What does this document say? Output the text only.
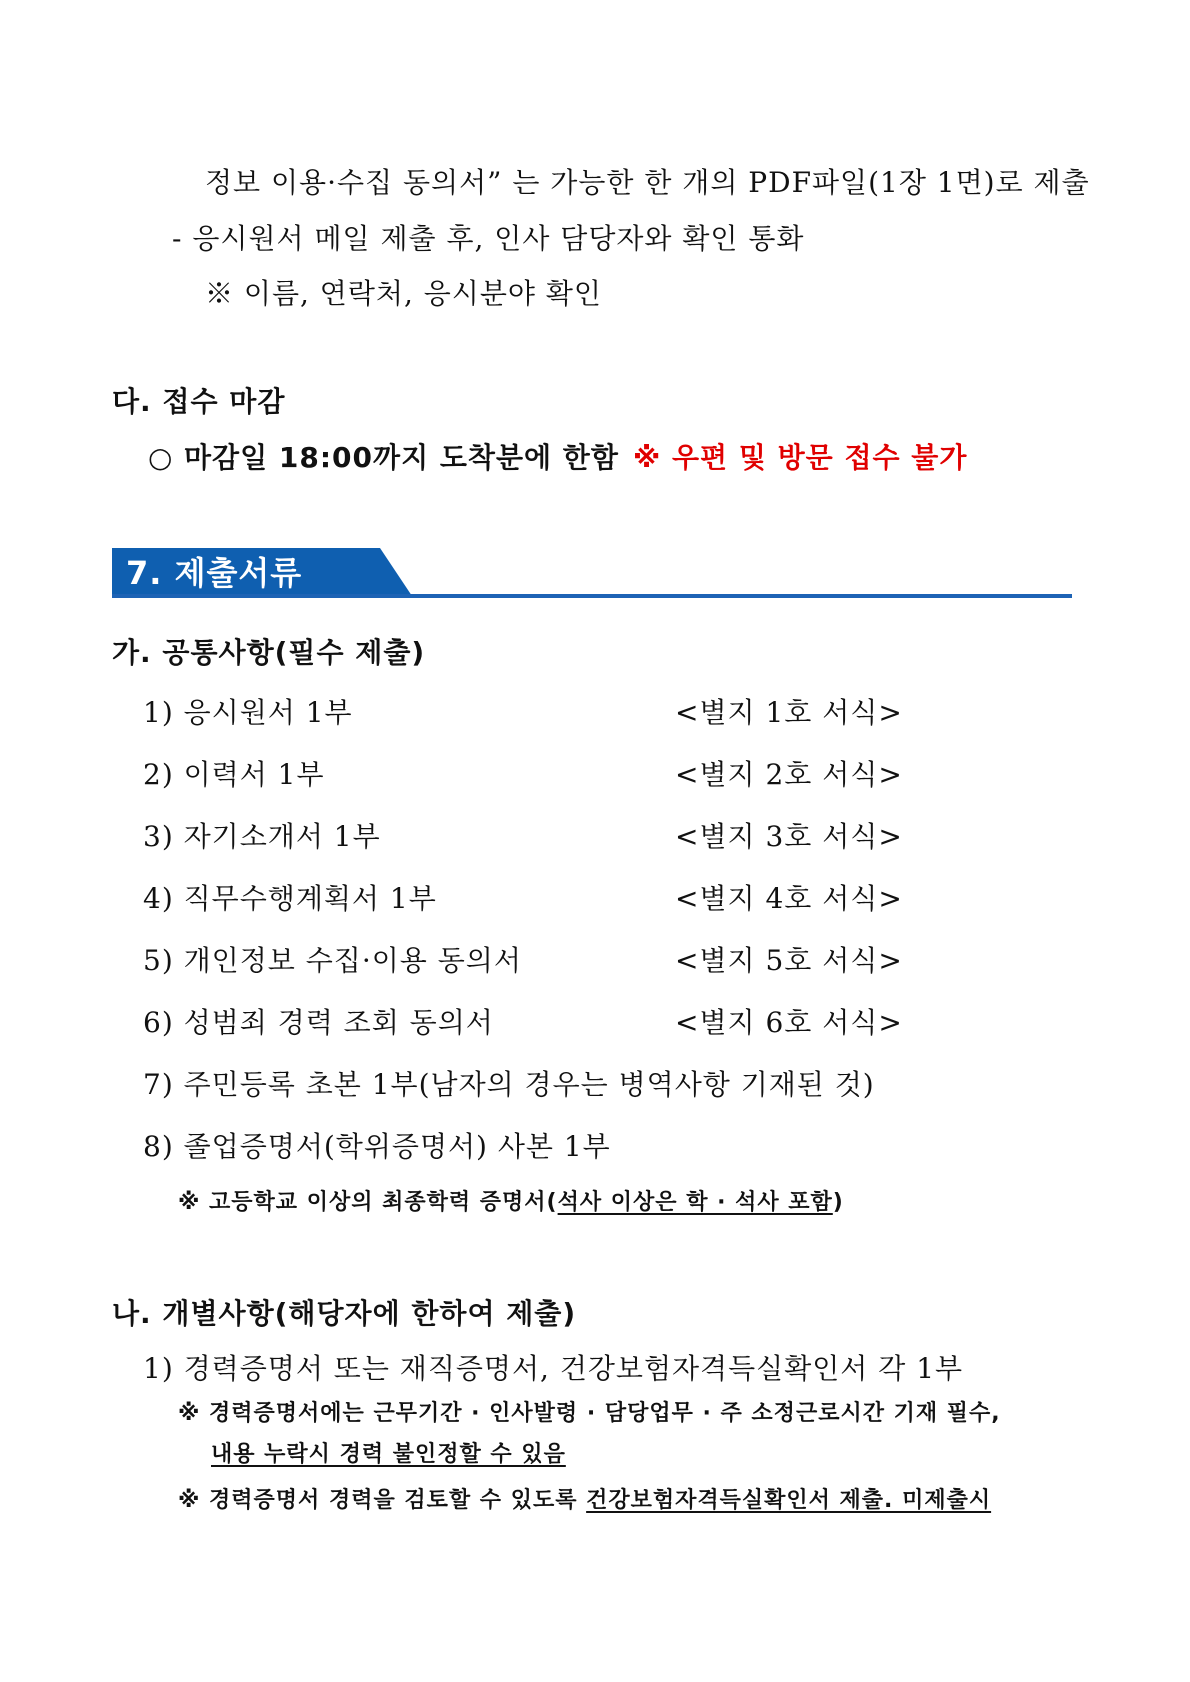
정보 이용·수집 동의서” 는 가능한 한 개의 PDF파일(1장 1면)로 제출
- 응시원서 메일 제출 후, 인사 담당자와 확인 통화
※ 이름, 연락처, 응시분야 확인
다. 접수 마감
○ 마감일 18:00까지 도착분에 한함 ※ 우편 및 방문 접수 불가
7. 제출서류
가. 공통사항(필수 제출)
1) 응시원서 1부	<별지 1호 서식>
2) 이력서 1부	<별지 2호 서식>
3) 자기소개서 1부	<별지 3호 서식>
4) 직무수행계획서 1부	<별지 4호 서식>
5) 개인정보 수집·이용 동의서	<별지 5호 서식>
6) 성범죄 경력 조회 동의서	<별지 6호 서식>
7) 주민등록 초본 1부(남자의 경우는 병역사항 기재된 것)
8) 졸업증명서(학위증명서) 사본 1부
※ 고등학교 이상의 최종학력 증명서(석사 이상은 학 · 석사 포함)
나. 개별사항(해당자에 한하여 제출)
1) 경력증명서 또는 재직증명서, 건강보험자격득실확인서 각 1부
※ 경력증명서에는 근무기간 · 인사발령 · 담당업무 · 주 소정근로시간 기재 필수,
내용 누락시 경력 불인정할 수 있음
※ 경력증명서 경력을 검토할 수 있도록 건강보험자격득실확인서 제출. 미제출시
